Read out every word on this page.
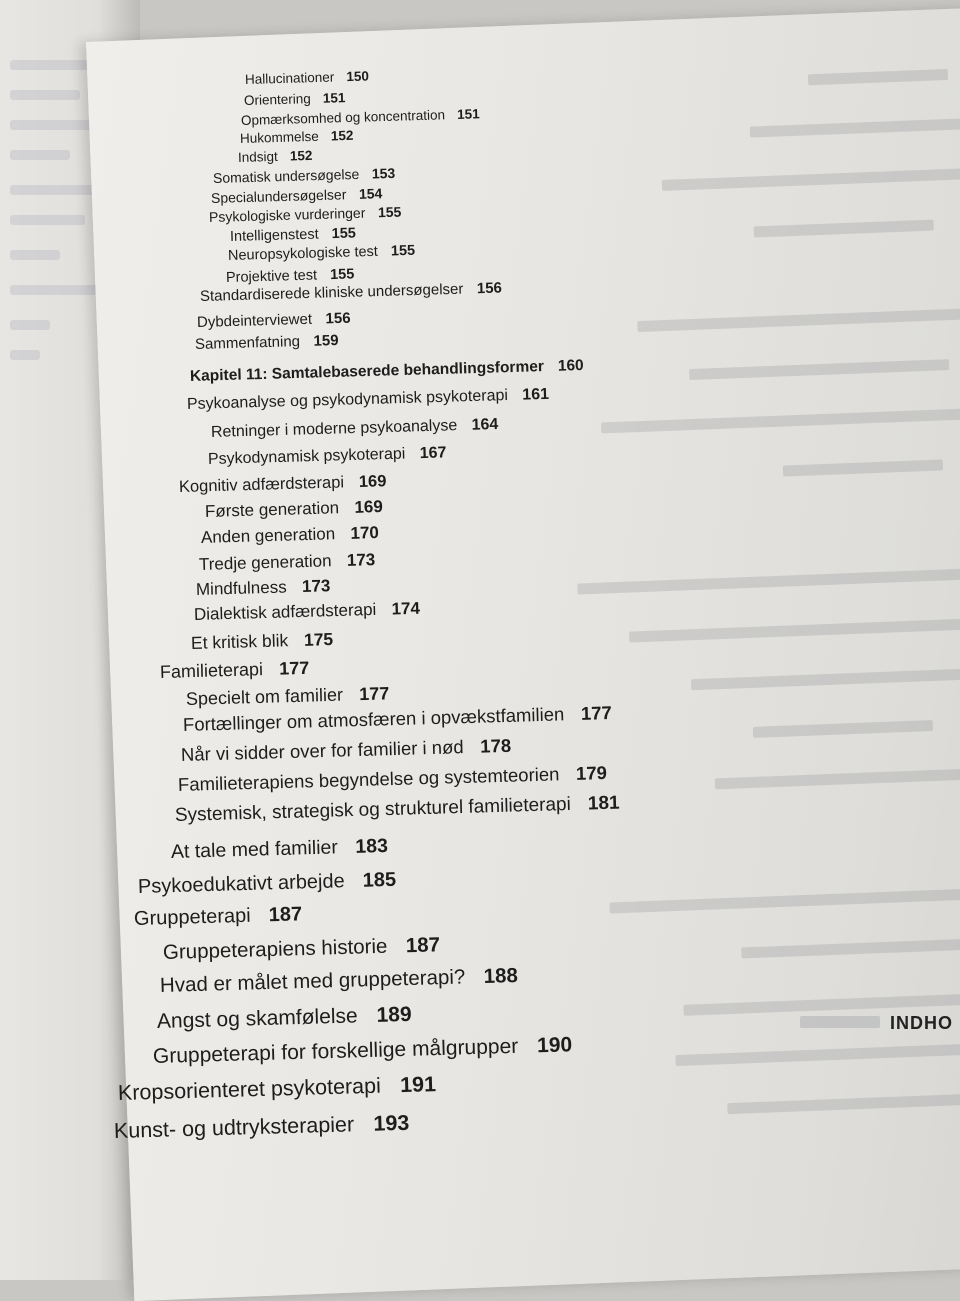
Hallucinationer 150
Orientering 151
Opmærksomhed og koncentration 151
Hukommelse 152
Indsigt 152
Somatisk undersøgelse 153
Specialundersøgelser 154
Psykologiske vurderinger 155
Intelligenstest 155
Neuropsykologiske test 155
Projektive test 155
Standardiserede kliniske undersøgelser 156
Dybdeinterviewet 156
Sammenfatning 159
Kapitel 11: Samtalebaserede behandlingsformer 160
Psykoanalyse og psykodynamisk psykoterapi 161
Retninger i moderne psykoanalyse 164
Psykodynamisk psykoterapi 167
Kognitiv adfærdsterapi 169
Første generation 169
Anden generation 170
Tredje generation 173
Mindfulness 173
Dialektisk adfærdsterapi 174
Et kritisk blik 175
Familieterapi 177
Specielt om familier 177
Fortællinger om atmosfæren i opvækstfamilien 177
Når vi sidder over for familier i nød 178
Familieterapiens begyndelse og systemteorien 179
Systemisk, strategisk og strukturel familieterapi 181
At tale med familier 183
Psykoedukativt arbejde 185
Gruppeterapi 187
Gruppeterapiens historie 187
Hvad er målet med gruppeterapi? 188
Angst og skamfølelse 189
Gruppeterapi for forskellige målgrupper 190
Kropsorienteret psykoterapi 191
Kunst- og udtryksterapier 193
INDHO
